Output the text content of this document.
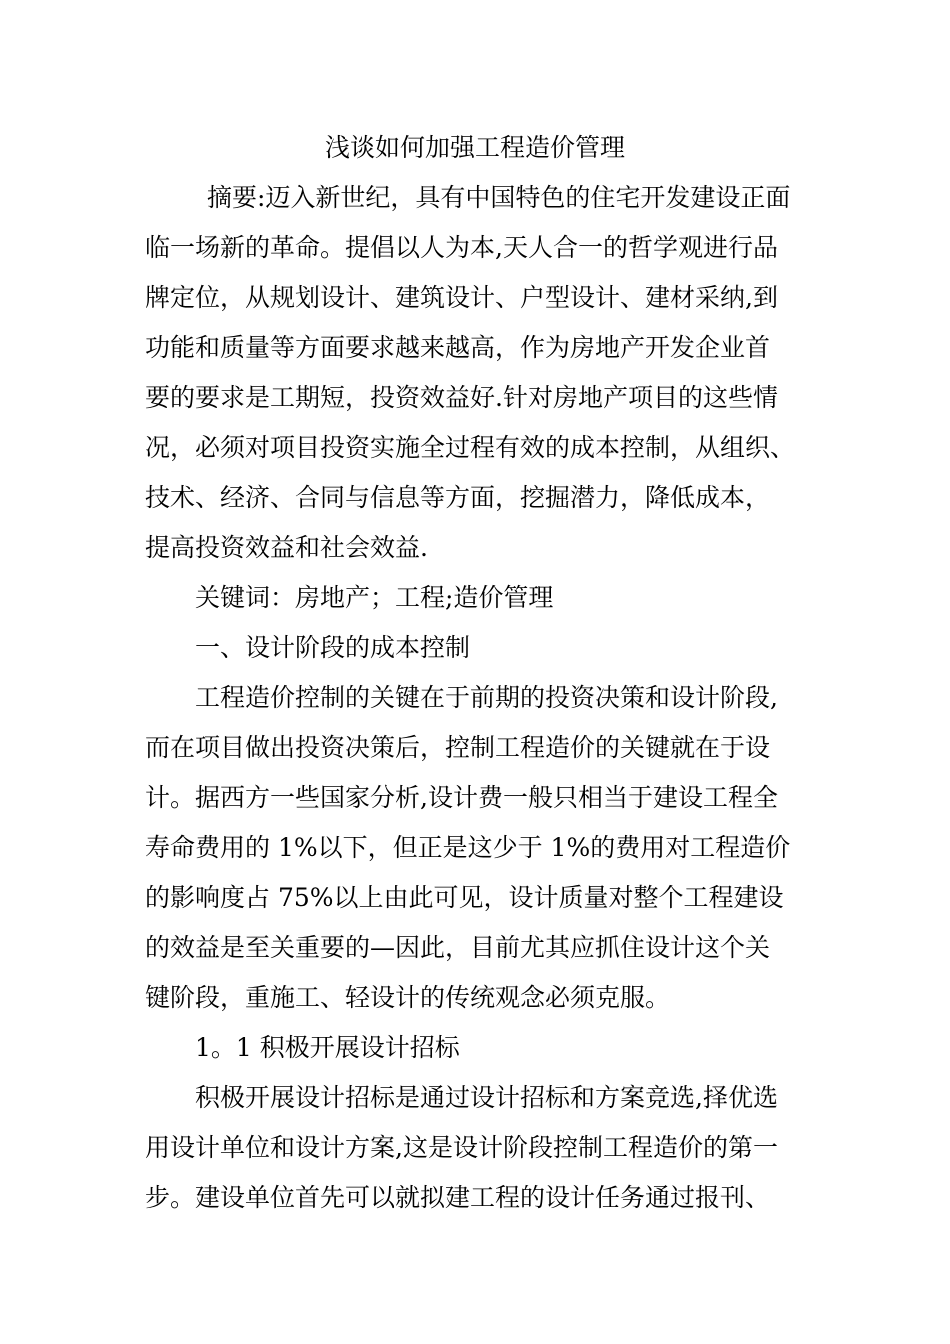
浅谈如何加强工程造价管理
摘要:迈入新世纪，具有中国特色的住宅开发建设正面
临一场新的革命。提倡以人为本,天人合一的哲学观进行品
牌定位，从规划设计、建筑设计、户型设计、建材采纳,到
功能和质量等方面要求越来越高，作为房地产开发企业首
要的要求是工期短，投资效益好.针对房地产项目的这些情
况，必须对项目投资实施全过程有效的成本控制，从组织、
技术、经济、合同与信息等方面，挖掘潜力，降低成本，
提高投资效益和社会效益.
关键词：房地产；工程;造价管理
一、设计阶段的成本控制
工程造价控制的关键在于前期的投资决策和设计阶段,
而在项目做出投资决策后，控制工程造价的关键就在于设
计。据西方一些国家分析,设计费一般只相当于建设工程全
寿命费用的 1%以下，但正是这少于 1%的费用对工程造价
的影响度占 75%以上由此可见，设计质量对整个工程建设
的效益是至关重要的—因此，目前尤其应抓住设计这个关
键阶段，重施工、轻设计的传统观念必须克服。
1。1 积极开展设计招标
积极开展设计招标是通过设计招标和方案竞选,择优选
用设计单位和设计方案,这是设计阶段控制工程造价的第一
步。建设单位首先可以就拟建工程的设计任务通过报刊、
